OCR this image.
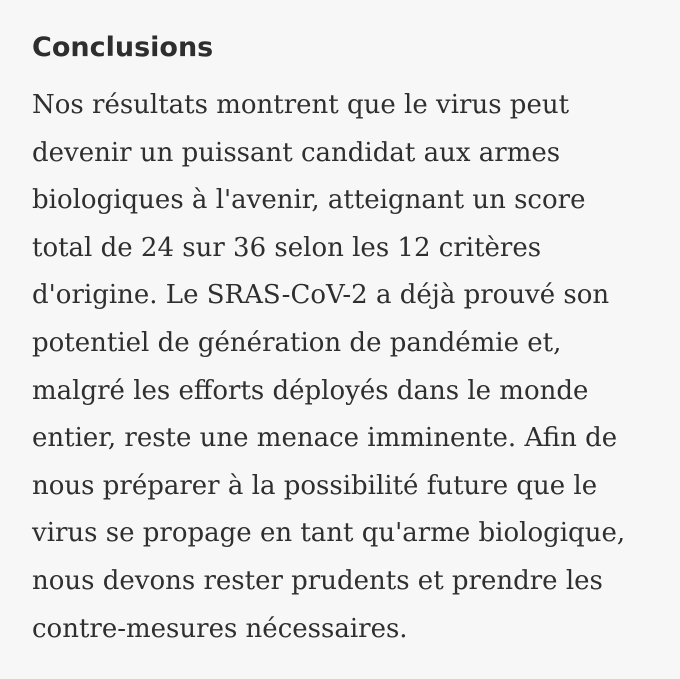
Conclusions

Nos résultats montrent que le virus peut
devenir un puissant candidat aux armes
biologiques à l'avenir, atteignant un score
total de 24 sur 36 selon les 12 critères
d'origine. Le SRAS-CoV-2 a déjà prouvé son
potentiel de génération de pandémie et,
malgré les efforts déployés dans le monde
entier, reste une menace imminente. Afin de
nous préparer à la possibilité future que le
virus se propage en tant qu'arme biologique,
nous devons rester prudents et prendre les
contre-mesures nécessaires.
